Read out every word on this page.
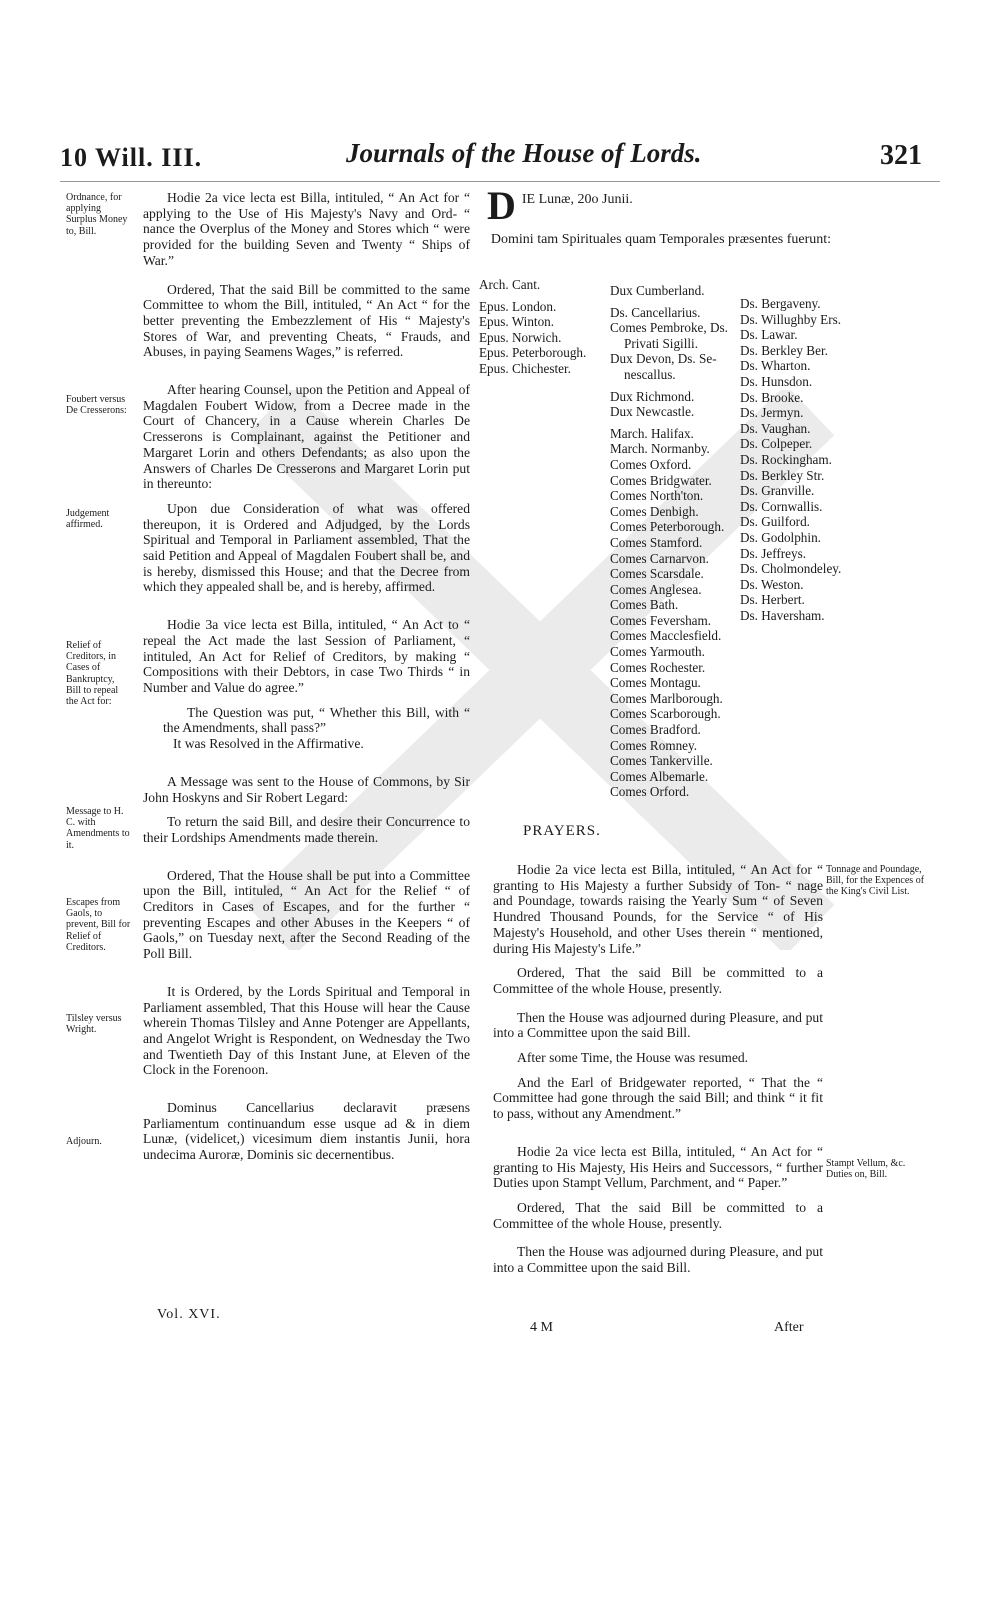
10 Will. III.	Journals of the House of Lords.	321
Ordnance, for applying Surplus Money to, Bill.
Foubert versus De Cresserons:
Judgement affirmed.
Relief of Creditors, in Cases of Bankruptcy, Bill to repeal the Act for:
Message to H. C. with Amendments to it.
Escapes from Gaols, to prevent, Bill for Relief of Creditors.
Tilsley versus Wright.
Adjourn.

Hodie 2a vice lecta est Billa, intituled, “ An Act for “ applying to the Use of His Majesty's Navy and Ord- “ nance the Overplus of the Money and Stores which “ were provided for the building Seven and Twenty “ Ships of War.”

Ordered, That the said Bill be committed to the same Committee to whom the Bill, intituled, “ An Act “ for the better preventing the Embezzlement of His “ Majesty's Stores of War, and preventing Cheats, “ Frauds, and Abuses, in paying Seamens Wages,” is referred.

After hearing Counsel, upon the Petition and Appeal of Magdalen Foubert Widow, from a Decree made in the Court of Chancery, in a Cause wherein Charles De Cresserons is Complainant, against the Petitioner and Margaret Lorin and others Defendants; as also upon the Answers of Charles De Cresserons and Margaret Lorin put in thereunto:

Upon due Consideration of what was offered thereupon, it is Ordered and Adjudged, by the Lords Spiritual and Temporal in Parliament assembled, That the said Petition and Appeal of Magdalen Foubert shall be, and is hereby, dismissed this House; and that the Decree from which they appealed shall be, and is hereby, affirmed.

Hodie 3a vice lecta est Billa, intituled, “ An Act to “ repeal the Act made the last Session of Parliament, “ intituled, An Act for Relief of Creditors, by making “ Compositions with their Debtors, in case Two Thirds “ in Number and Value do agree.”

The Question was put, “ Whether this Bill, with “ the Amendments, shall pass?”

It was Resolved in the Affirmative.

A Message was sent to the House of Commons, by Sir John Hoskyns and Sir Robert Legard:

To return the said Bill, and desire their Concurrence to their Lordships Amendments made therein.

Ordered, That the House shall be put into a Committee upon the Bill, intituled, “ An Act for the Relief “ of Creditors in Cases of Escapes, and for the further “ preventing Escapes and other Abuses in the Keepers “ of Gaols,” on Tuesday next, after the Second Reading of the Poll Bill.

It is Ordered, by the Lords Spiritual and Temporal in Parliament assembled, That this House will hear the Cause wherein Thomas Tilsley and Anne Potenger are Appellants, and Angelot Wright is Respondent, on Wednesday the Two and Twentieth Day of this Instant June, at Eleven of the Clock in the Forenoon.

Dominus Cancellarius declaravit præsens Parliamentum continuandum esse usque ad & in diem Lunæ, (videlicet,) vicesimum diem instantis Junii, hora undecima Auroræ, Dominis sic decernentibus.

D IE Lunæ, 20o Junii.
Domini tam Spirituales quam Temporales præsentes fuerunt:
Arch. Cant.
Epus. London.
Epus. Winton.
Epus. Norwich.
Epus. Peterborough.
Epus. Chichester.
Dux Cumberland.
Ds. Cancellarius.
Comes Pembroke, Ds.
Privati Sigilli.
Dux Devon, Ds. Se-
nescallus.
Dux Richmond.
Dux Newcastle.
March. Halifax.
March. Normanby.
Comes Oxford.
Comes Bridgwater.
Comes North'ton.
Comes Denbigh.
Comes Peterborough.
Comes Stamford.
Comes Carnarvon.
Comes Scarsdale.
Comes Anglesea.
Comes Bath.
Comes Feversham.
Comes Macclesfield.
Comes Yarmouth.
Comes Rochester.
Comes Montagu.
Comes Marlborough.
Comes Scarborough.
Comes Bradford.
Comes Romney.
Comes Tankerville.
Comes Albemarle.
Comes Orford.
Ds. Bergaveny.
Ds. Willughby Ers.
Ds. Lawar.
Ds. Berkley Ber.
Ds. Wharton.
Ds. Hunsdon.
Ds. Brooke.
Ds. Jermyn.
Ds. Vaughan.
Ds. Colpeper.
Ds. Rockingham.
Ds. Berkley Str.
Ds. Granville.
Ds. Cornwallis.
Ds. Guilford.
Ds. Godolphin.
Ds. Jeffreys.
Ds. Cholmondeley.
Ds. Weston.
Ds. Herbert.
Ds. Haversham.
PRAYERS.
Tonnage and Poundage, Bill, for the Expences of the King's Civil List.
Stampt Vellum, &c. Duties on, Bill.

Hodie 2a vice lecta est Billa, intituled, “ An Act for “ granting to His Majesty a further Subsidy of Ton- “ nage and Poundage, towards raising the Yearly Sum “ of Seven Hundred Thousand Pounds, for the Service “ of His Majesty's Household, and other Uses therein “ mentioned, during His Majesty's Life.”

Ordered, That the said Bill be committed to a Committee of the whole House, presently.

Then the House was adjourned during Pleasure, and put into a Committee upon the said Bill.

After some Time, the House was resumed.

And the Earl of Bridgewater reported, “ That the “ Committee had gone through the said Bill; and think “ it fit to pass, without any Amendment.”

Hodie 2a vice lecta est Billa, intituled, “ An Act for “ granting to His Majesty, His Heirs and Successors, “ further Duties upon Stampt Vellum, Parchment, and “ Paper.”

Ordered, That the said Bill be committed to a Committee of the whole House, presently.

Then the House was adjourned during Pleasure, and put into a Committee upon the said Bill.

Vol. XVI.
4 M	After
